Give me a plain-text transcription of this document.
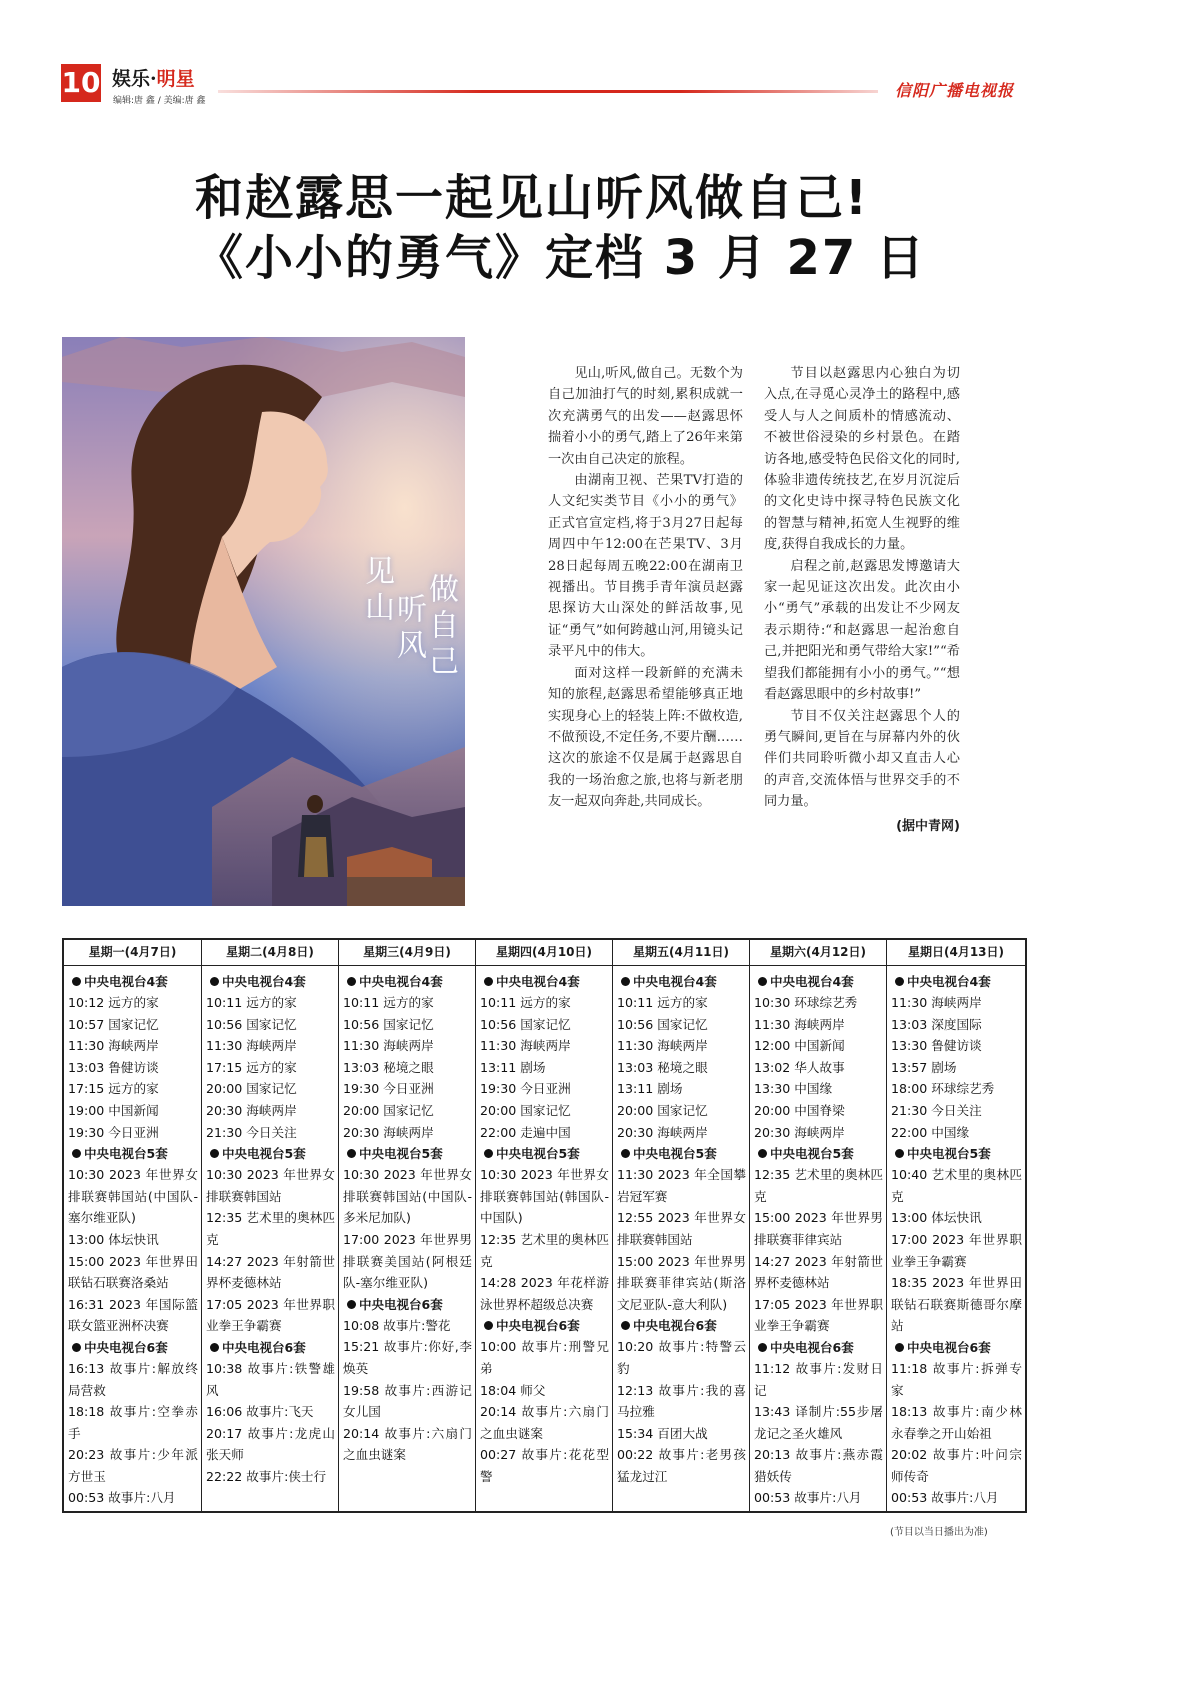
10 娱乐·明星
编辑:唐 鑫 / 美编:唐 鑫
信阳广播电视报
和赵露思一起见山听风做自己!
《小小的勇气》定档 3 月 27 日
见山
听风
做自己

见山,听风,做自己。无数个为自己加油打气的时刻,累积成就一次充满勇气的出发——赵露思怀揣着小小的勇气,踏上了26年来第一次由自己决定的旅程。

由湖南卫视、芒果TV打造的人文纪实类节目《小小的勇气》正式官宣定档,将于3月27日起每周四中午12:00在芒果TV、3月28日起每周五晚22:00在湖南卫视播出。节目携手青年演员赵露思探访大山深处的鲜活故事,见证“勇气”如何跨越山河,用镜头记录平凡中的伟大。

面对这样一段新鲜的充满未知的旅程,赵露思希望能够真正地实现身心上的轻装上阵:不做枚造,不做预设,不定任务,不要片酬……这次的旅途不仅是属于赵露思自我的一场治愈之旅,也将与新老朋友一起双向奔赴,共同成长。

节目以赵露思内心独白为切入点,在寻觅心灵净土的路程中,感受人与人之间质朴的情感流动、不被世俗浸染的乡村景色。在踏访各地,感受特色民俗文化的同时,体验非遗传统技艺,在岁月沉淀后的文化史诗中探寻特色民族文化的智慧与精神,拓宽人生视野的维度,获得自我成长的力量。

启程之前,赵露思发博邀请大家一起见证这次出发。此次由小小“勇气”承载的出发让不少网友表示期待:“和赵露思一起治愈自己,并把阳光和勇气带给大家!”“希望我们都能拥有小小的勇气。”“想看赵露思眼中的乡村故事!”

节目不仅关注赵露思个人的勇气瞬间,更旨在与屏幕内外的伙伴们共同聆听微小却又直击人心的声音,交流体悟与世界交手的不同力量。

(据中青网)
星期一(4月7日)
中央电视台4套
10:12 远方的家
10:57 国家记忆
11:30 海峡两岸
13:03 鲁健访谈
17:15 远方的家
19:00 中国新闻
19:30 今日亚洲
中央电视台5套
10:30 2023 年世界女排联赛韩国站(中国队-塞尔维亚队)
13:00 体坛快讯
15:00 2023 年世界田联钻石联赛洛桑站
16:31 2023 年国际篮联女篮亚洲杯决赛
中央电视台6套
16:13 故事片:解放终局营救
18:18 故事片:空拳赤手
20:23 故事片:少年派方世玉
00:53 故事片:八月
星期二(4月8日)
中央电视台4套
10:11 远方的家
10:56 国家记忆
11:30 海峡两岸
17:15 远方的家
20:00 国家记忆
20:30 海峡两岸
21:30 今日关注
中央电视台5套
10:30 2023 年世界女排联赛韩国站
12:35 艺术里的奥林匹克
14:27 2023 年射箭世界杯麦德林站
17:05 2023 年世界职业拳王争霸赛
中央电视台6套
10:38 故事片:铁警雄风
16:06 故事片:飞天
20:17 故事片:龙虎山张天师
22:22 故事片:侠士行
星期三(4月9日)
中央电视台4套
10:11 远方的家
10:56 国家记忆
11:30 海峡两岸
13:03 秘境之眼
19:30 今日亚洲
20:00 国家记忆
20:30 海峡两岸
中央电视台5套
10:30 2023 年世界女排联赛韩国站(中国队-多米尼加队)
17:00 2023 年世界男排联赛美国站(阿根廷队-塞尔维亚队)
中央电视台6套
10:08 故事片:警花
15:21 故事片:你好,李焕英
19:58 故事片:西游记女儿国
20:14 故事片:六扇门之血虫谜案
星期四(4月10日)
中央电视台4套
10:11 远方的家
10:56 国家记忆
11:30 海峡两岸
13:11 剧场
19:30 今日亚洲
20:00 国家记忆
22:00 走遍中国
中央电视台5套
10:30 2023 年世界女排联赛韩国站(韩国队-中国队)
12:35 艺术里的奥林匹克
14:28 2023 年花样游泳世界杯超级总决赛
中央电视台6套
10:00 故事片:刑警兄弟
18:04 师父
20:14 故事片:六扇门之血虫谜案
00:27 故事片:花花型警
星期五(4月11日)
中央电视台4套
10:11 远方的家
10:56 国家记忆
11:30 海峡两岸
13:03 秘境之眼
13:11 剧场
20:00 国家记忆
20:30 海峡两岸
中央电视台5套
11:30 2023 年全国攀岩冠军赛
12:55 2023 年世界女排联赛韩国站
15:00 2023 年世界男排联赛菲律宾站(斯洛文尼亚队-意大利队)
中央电视台6套
10:20 故事片:特警云豹
12:13 故事片:我的喜马拉雅
15:34 百团大战
00:22 故事片:老男孩猛龙过江
星期六(4月12日)
中央电视台4套
10:30 环球综艺秀
11:30 海峡两岸
12:00 中国新闻
13:02 华人故事
13:30 中国缘
20:00 中国脊梁
20:30 海峡两岸
中央电视台5套
12:35 艺术里的奥林匹克
15:00 2023 年世界男排联赛菲律宾站
14:27 2023 年射箭世界杯麦德林站
17:05 2023 年世界职业拳王争霸赛
中央电视台6套
11:12 故事片:发财日记
13:43 译制片:55步屠龙记之圣火雄风
20:13 故事片:燕赤霞猎妖传
00:53 故事片:八月
星期日(4月13日)
中央电视台4套
11:30 海峡两岸
13:03 深度国际
13:30 鲁健访谈
13:57 剧场
18:00 环球综艺秀
21:30 今日关注
22:00 中国缘
中央电视台5套
10:40 艺术里的奥林匹克
13:00 体坛快讯
17:00 2023 年世界职业拳王争霸赛
18:35 2023 年世界田联钻石联赛斯德哥尔摩站
中央电视台6套
11:18 故事片:拆弹专家
18:13 故事片:南少林永春拳之开山始祖
20:02 故事片:叶问宗师传奇
00:53 故事片:八月
(节目以当日播出为准)
